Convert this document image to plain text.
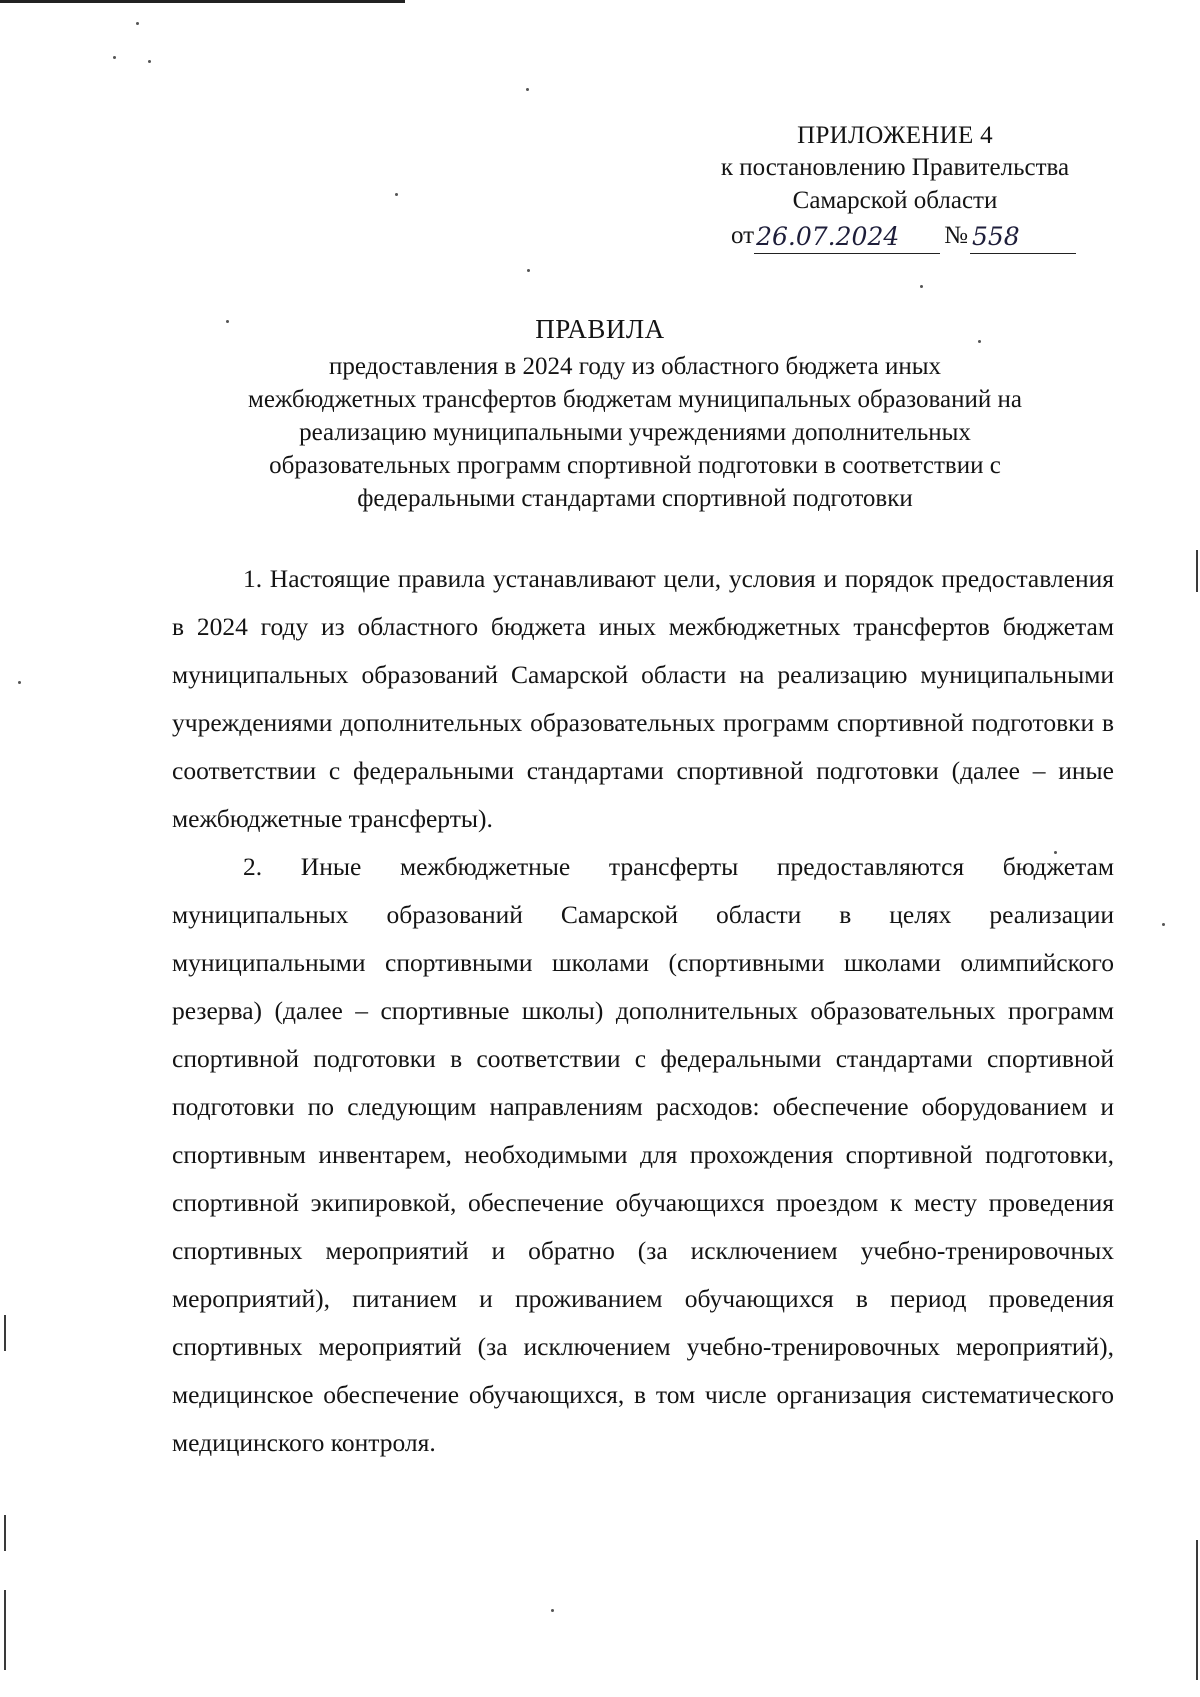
ПРИЛОЖЕНИЕ 4
к постановлению Правительства
Самарской области
от26.07.2024 № 558
ПРАВИЛА
предоставления в 2024 году из областного бюджета иных
межбюджетных трансфертов бюджетам муниципальных образований на
реализацию муниципальными учреждениями дополнительных
образовательных программ спортивной подготовки в соответствии с
федеральными стандартами спортивной подготовки

1. Настоящие правила устанавливают цели, условия и порядок предоставления в 2024 году из областного бюджета иных межбюджетных трансфертов бюджетам муниципальных образований Самарской области на реализацию муниципальными учреждениями дополнительных образовательных программ спортивной подготовки в соответствии с федеральными стандартами спортивной подготовки (далее – иные межбюджетные трансферты).

2. Иные межбюджетные трансферты предоставляются бюджетам муниципальных образований Самарской области в целях реализации муниципальными спортивными школами (спортивными школами олимпийского резерва) (далее – спортивные школы) дополнительных образовательных программ спортивной подготовки в соответствии с федеральными стандартами спортивной подготовки по следующим направлениям расходов: обеспечение оборудованием и спортивным инвентарем, необходимыми для прохождения спортивной подготовки, спортивной экипировкой, обеспечение обучающихся проездом к месту проведения спортивных мероприятий и обратно (за исключением учебно-тренировочных мероприятий), питанием и проживанием обучающихся в период проведения спортивных мероприятий (за исключением учебно-тренировочных мероприятий), медицинское обеспечение обучающихся, в том числе организация систематического медицинского контроля.
